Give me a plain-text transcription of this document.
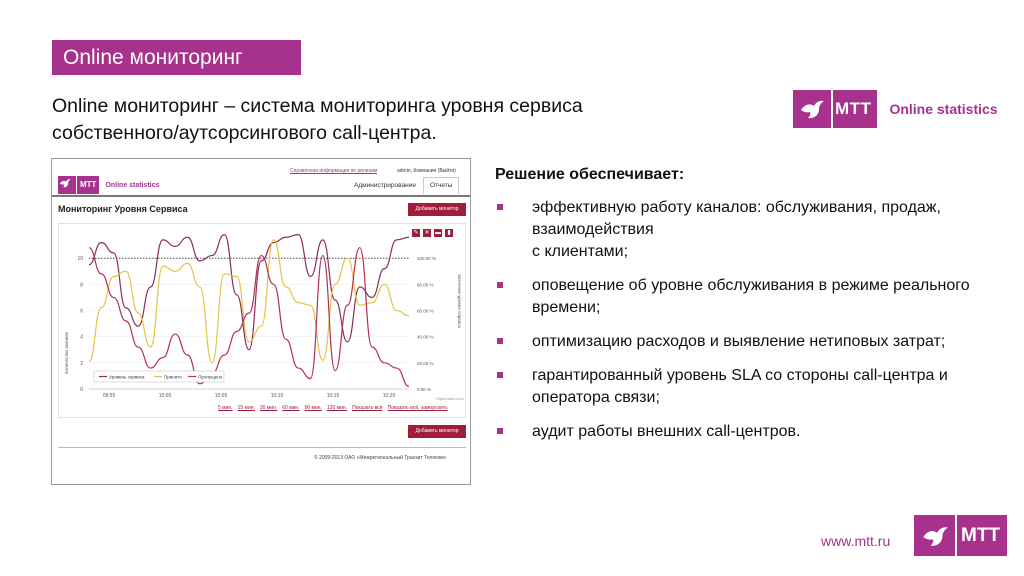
Online мониторинг
Online мониторинг – система мониторинга уровня сервиса
собственного/аутсорсингового call-центра.
МТТ	Online statistics
МТТ	Online statistics
Справочная информация по релизам	admin, Компания (Выйти)
Администрирование	Отчеты
Мониторинг Уровня Сервиса	Добавить монитор
0
2
4
6
8
10
0.00 %
20.00 %
40.00 %
60.00 %
80.00 %
100.00 %
Количество звонков
Значение уровня сервиса
09:55	10:00	10:05	10:10	10:15	10:20
Уровень сервиса	Принято	Пропущено
✎ ✕ ▬	▮
Highcharts.com
5 мин. 15 мин. 30 мин. 60 мин. 90 мин. 120 мин. Показать всё Показать всё, заморозить
Добавить монитор
© 2009-2013 ОАО «Межрегиональный Транзит Телеком»
Решение обеспечивает:
эффективную работу каналов: обслуживания, продаж, взаимодействия
с клиентами;
оповещение об уровне обслуживания в режиме реального времени;
оптимизацию расходов и выявление нетиповых затрат;
гарантированный уровень SLA со стороны call-центра и оператора связи;
аудит работы внешних call-центров.
www.mtt.ru	МТТ
